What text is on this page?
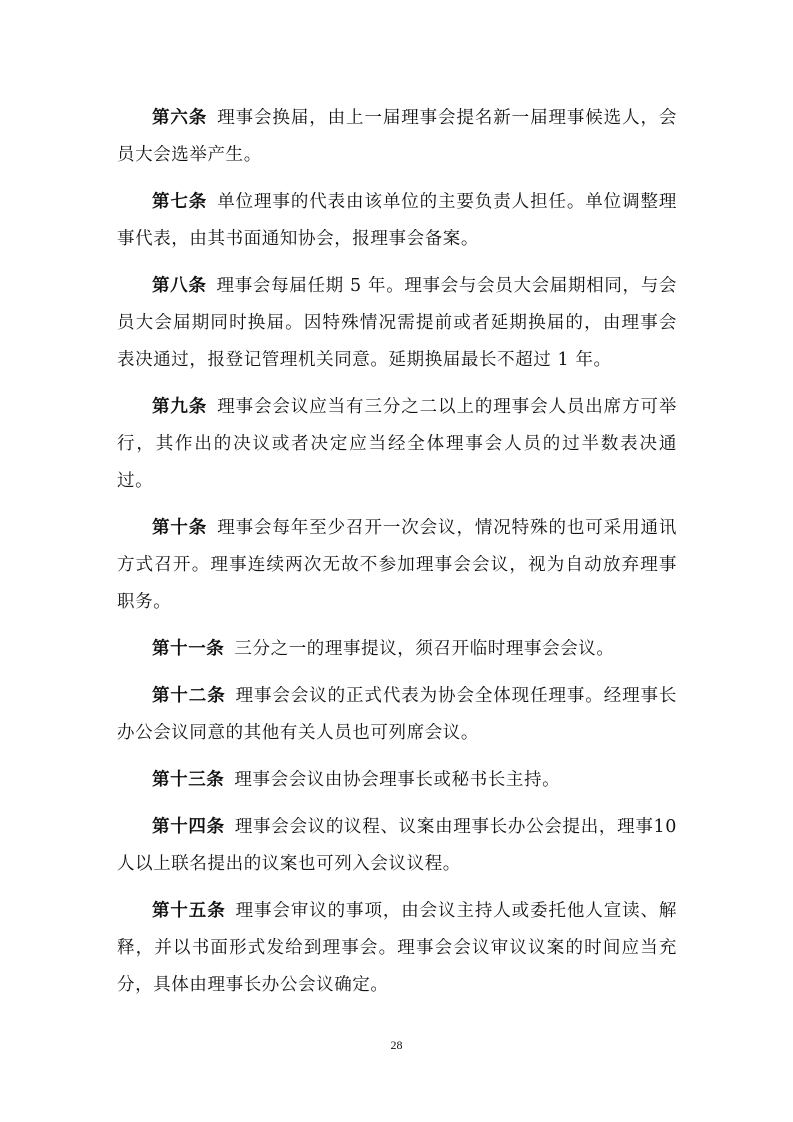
第六条 理事会换届，由上一届理事会提名新一届理事候选人，会员大会选举产生。

第七条 单位理事的代表由该单位的主要负责人担任。单位调整理事代表，由其书面通知协会，报理事会备案。

第八条 理事会每届任期 5 年。理事会与会员大会届期相同，与会员大会届期同时换届。因特殊情况需提前或者延期换届的，由理事会表决通过，报登记管理机关同意。延期换届最长不超过 1 年。

第九条 理事会会议应当有三分之二以上的理事会人员出席方可举行，其作出的决议或者决定应当经全体理事会人员的过半数表决通过。

第十条 理事会每年至少召开一次会议，情况特殊的也可采用通讯方式召开。理事连续两次无故不参加理事会会议，视为自动放弃理事职务。

第十一条 三分之一的理事提议，须召开临时理事会会议。

第十二条 理事会会议的正式代表为协会全体现任理事。经理事长办公会议同意的其他有关人员也可列席会议。

第十三条 理事会会议由协会理事长或秘书长主持。

第十四条 理事会会议的议程、议案由理事长办公会提出，理事10 人以上联名提出的议案也可列入会议议程。

第十五条 理事会审议的事项，由会议主持人或委托他人宣读、解释，并以书面形式发给到理事会。理事会会议审议议案的时间应当充分，具体由理事长办公会议确定。

28
